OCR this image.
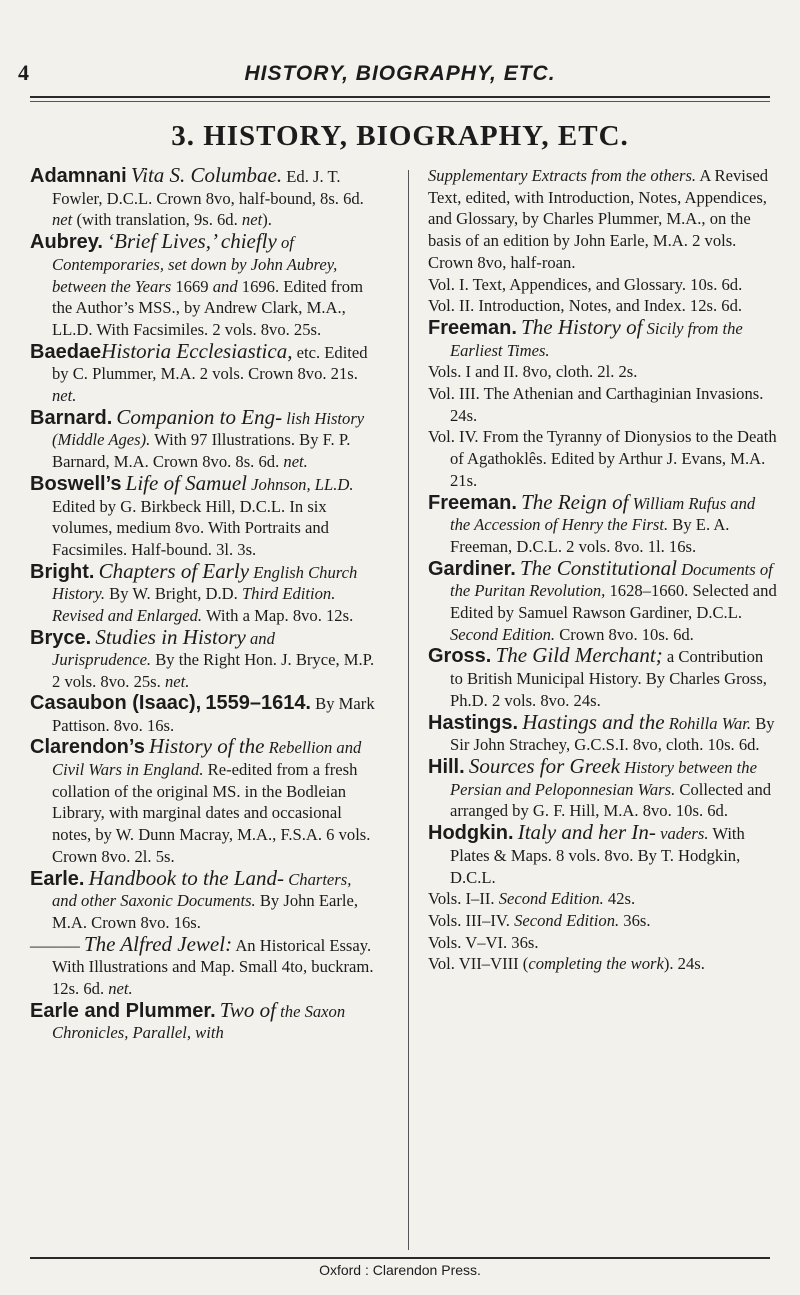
4	HISTORY, BIOGRAPHY, ETC.
3. HISTORY, BIOGRAPHY, ETC.

Adamnani Vita S. Columbae. Ed. J. T. Fowler, D.C.L. Crown 8vo, half-bound, 8s. 6d. net (with translation, 9s. 6d. net).

Aubrey. ‘Brief Lives,’ chiefly of Contemporaries, set down by John Aubrey, between the Years 1669 and 1696. Edited from the Author’s MSS., by Andrew Clark, M.A., LL.D. With Facsimiles. 2 vols. 8vo. 25s.

BaedaeHistoria Ecclesiastica, etc. Edited by C. Plummer, M.A. 2 vols. Crown 8vo. 21s. net.

Barnard. Companion to Eng- lish History (Middle Ages). With 97 Illustrations. By F. P. Barnard, M.A. Crown 8vo. 8s. 6d. net.

Boswell’s Life of Samuel Johnson, LL.D. Edited by G. Birkbeck Hill, D.C.L. In six volumes, medium 8vo. With Portraits and Facsimiles. Half-bound. 3l. 3s.

Bright. Chapters of Early English Church History. By W. Bright, D.D. Third Edition. Revised and Enlarged. With a Map. 8vo. 12s.

Bryce. Studies in History and Jurisprudence. By the Right Hon. J. Bryce, M.P. 2 vols. 8vo. 25s. net.

Casaubon (Isaac), 1559–1614. By Mark Pattison. 8vo. 16s.

Clarendon’s History of the Rebellion and Civil Wars in England. Re-edited from a fresh collation of the original MS. in the Bodleian Library, with marginal dates and occasional notes, by W. Dunn Macray, M.A., F.S.A. 6 vols. Crown 8vo. 2l. 5s.

Earle. Handbook to the Land- Charters, and other Saxonic Documents. By John Earle, M.A. Crown 8vo. 16s.

——— The Alfred Jewel: An Historical Essay. With Illustrations and Map. Small 4to, buckram. 12s. 6d. net.

Earle and Plummer. Two of the Saxon Chronicles, Parallel, with

Supplementary Extracts from the others. A Revised Text, edited, with Introduction, Notes, Appendices, and Glossary, by Charles Plummer, M.A., on the basis of an edition by John Earle, M.A. 2 vols. Crown 8vo, half-roan.

Vol. I. Text, Appendices, and Glossary. 10s. 6d.

Vol. II. Introduction, Notes, and Index. 12s. 6d.

Freeman. The History of Sicily from the Earliest Times.

Vols. I and II. 8vo, cloth. 2l. 2s.

Vol. III. The Athenian and Carthaginian Invasions. 24s.

Vol. IV. From the Tyranny of Dionysios to the Death of Agathoklês. Edited by Arthur J. Evans, M.A. 21s.

Freeman. The Reign of William Rufus and the Accession of Henry the First. By E. A. Freeman, D.C.L. 2 vols. 8vo. 1l. 16s.

Gardiner. The Constitutional Documents of the Puritan Revolution, 1628–1660. Selected and Edited by Samuel Rawson Gardiner, D.C.L. Second Edition. Crown 8vo. 10s. 6d.

Gross. The Gild Merchant; a Contribution to British Municipal History. By Charles Gross, Ph.D. 2 vols. 8vo. 24s.

Hastings. Hastings and the Rohilla War. By Sir John Strachey, G.C.S.I. 8vo, cloth. 10s. 6d.

Hill. Sources for Greek History between the Persian and Peloponnesian Wars. Collected and arranged by G. F. Hill, M.A. 8vo. 10s. 6d.

Hodgkin. Italy and her In- vaders. With Plates & Maps. 8 vols. 8vo. By T. Hodgkin, D.C.L.

Vols. I–II. Second Edition. 42s.

Vols. III–IV. Second Edition. 36s.

Vols. V–VI. 36s.

Vol. VII–VIII (completing the work). 24s.

Oxford : Clarendon Press.
